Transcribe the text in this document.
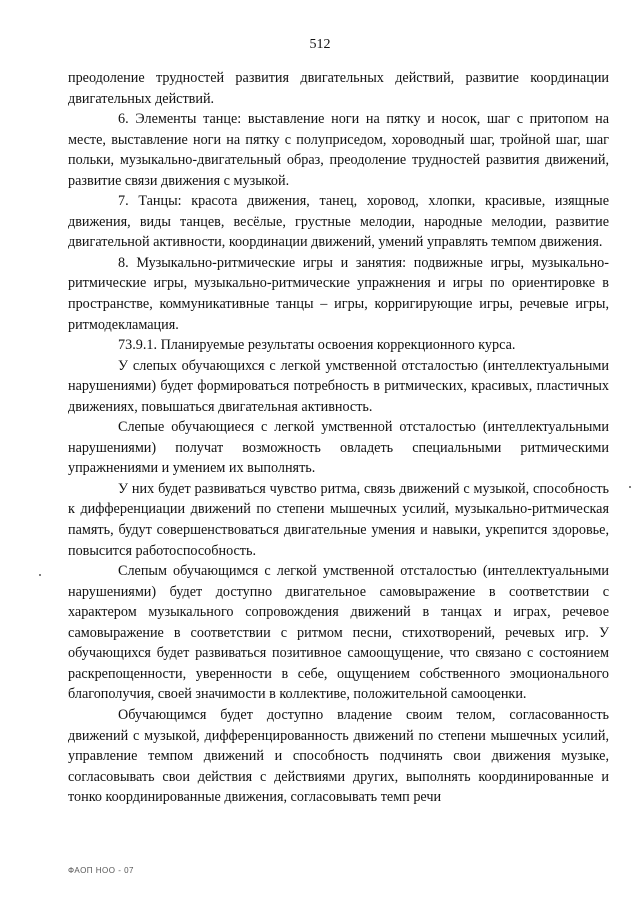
512

преодоление трудностей развития двигательных действий, развитие координации двигательных действий.

6. Элементы танце: выставление ноги на пятку и носок, шаг с притопом на месте, выставление ноги на пятку с полуприседом, хороводный шаг, тройной шаг, шаг польки, музыкально-двигательный образ, преодоление трудностей развития движений, развитие связи движения с музыкой.

7. Танцы: красота движения, танец, хоровод, хлопки, красивые, изящные движения, виды танцев, весёлые, грустные мелодии, народные мелодии, развитие двигательной активности, координации движений, умений управлять темпом движения.

8. Музыкально-ритмические игры и занятия: подвижные игры, музыкально-ритмические игры, музыкально-ритмические упражнения и игры по ориентировке в пространстве, коммуникативные танцы – игры, корригирующие игры, речевые игры, ритмодекламация.

73.9.1. Планируемые результаты освоения коррекционного курса.

У слепых обучающихся с легкой умственной отсталостью (интеллектуальными нарушениями) будет формироваться потребность в ритмических, красивых, пластичных движениях, повышаться двигательная активность.

Слепые обучающиеся с легкой умственной отсталостью (интеллектуальными нарушениями) получат возможность овладеть специальными ритмическими упражнениями и умением их выполнять.

У них будет развиваться чувство ритма, связь движений с музыкой, способность к дифференциации движений по степени мышечных усилий, музыкально-ритмическая память, будут совершенствоваться двигательные умения и навыки, укрепится здоровье, повысится работоспособность.

Слепым обучающимся с легкой умственной отсталостью (интеллектуальными нарушениями) будет доступно двигательное самовыражение в соответствии с характером музыкального сопровождения движений в танцах и играх, речевое самовыражение в соответствии с ритмом песни, стихотворений, речевых игр. У обучающихся будет развиваться позитивное самоощущение, что связано с состоянием раскрепощенности, уверенности в себе, ощущением собственного эмоционального благополучия, своей значимости в коллективе, положительной самооценки.

Обучающимся будет доступно владение своим телом, согласованность движений с музыкой, дифференцированность движений по степени мышечных усилий, управление темпом движений и способность подчинять свои движения музыке, согласовывать свои действия с действиями других, выполнять координированные и тонко координированные движения, согласовывать темп речи

ФАОП НОО - 07
